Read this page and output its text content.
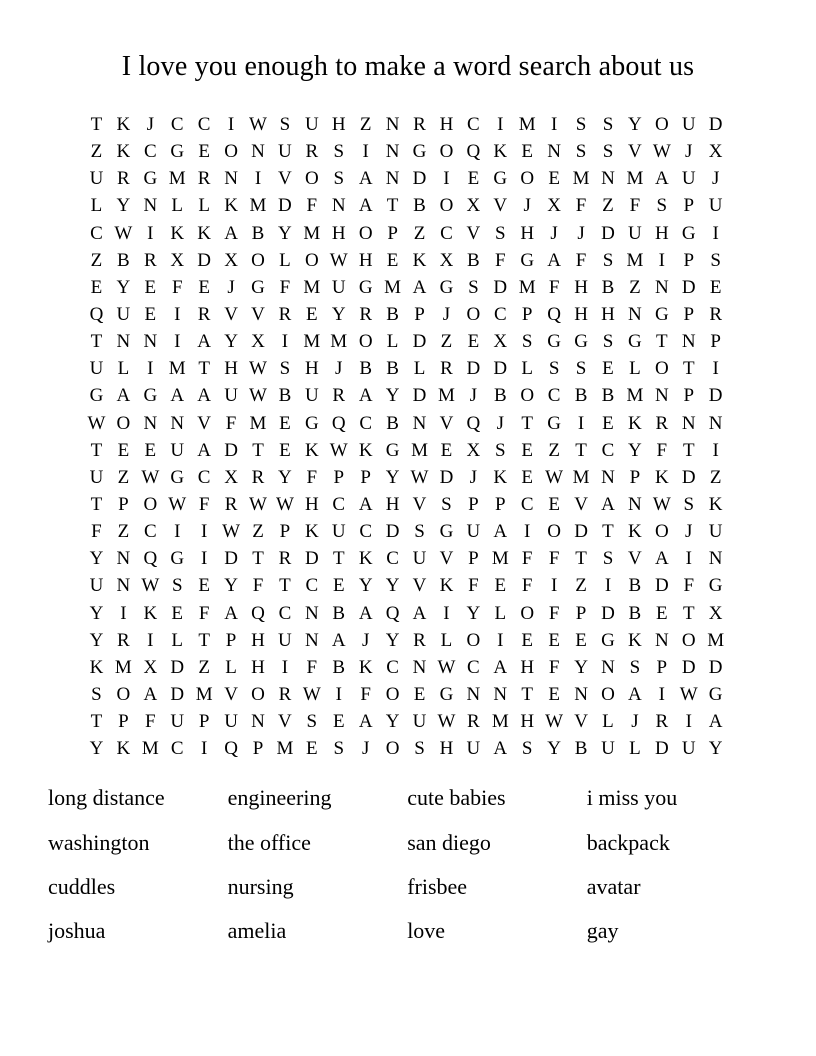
I love you enough to make a word search about us
T K J C C I W S U H Z N R H C I M I S S Y O U D
Z K C G E O N U R S I N G O Q K E N S S V W J X
U R G M R N I V O S A N D I E G O E M N M A U J
L Y N L L K M D F N A T B O X V J X F Z F S P U
C W I K K A B Y M H O P Z C V S H J	J D U H G I
Z B R X D X O L O W H E K X B F G A F S M I P S
E Y E F E J G F M U G M A G S D M F H B Z N D E
Q U E I R V V R E Y R B P J O C P Q H H N G P R
T N N I A Y X I M M O L D Z E X S G G S G T N P
U L I M T H W S H J B B L R D D L S S E L O T I
G A G A A U W B U R A Y D M J B O C B B M N P D
W O N N V F M E G Q C B N V Q J T G I E K R N N
T E E U A D T E K W K G M E X S E Z T C Y F T I
U Z W G C X R Y F P P Y W D J K E W M N P K D Z
T P O W F R W W H C A H V S P P C E V A N W S K
F Z C I	I W Z P K U C D S G U A I O D T K O J U
Y N Q G I D T R D T K C U V P M F F T S V A I N
U N W S E Y F T C E Y Y V K F E F I Z I B D F G
Y I K E F A Q C N B A Q A I Y L O F P D B E T X
Y R I L T P H U N A J Y R L O I E E E G K N O M
K M X D Z L H I F B K C N W C A H F Y N S P D D
S O A D M V O R W I F O E G N N T E N O A I W G
T P F U P U N V S E A Y U W R M H W V L J R I A
Y K M C I Q P M E S J O S H U A S Y B U L D U Y
long distance	engineering	cute babies	i miss you
washington	the office	san diego	backpack
cuddles	nursing	frisbee	avatar
joshua	amelia	love	gay
